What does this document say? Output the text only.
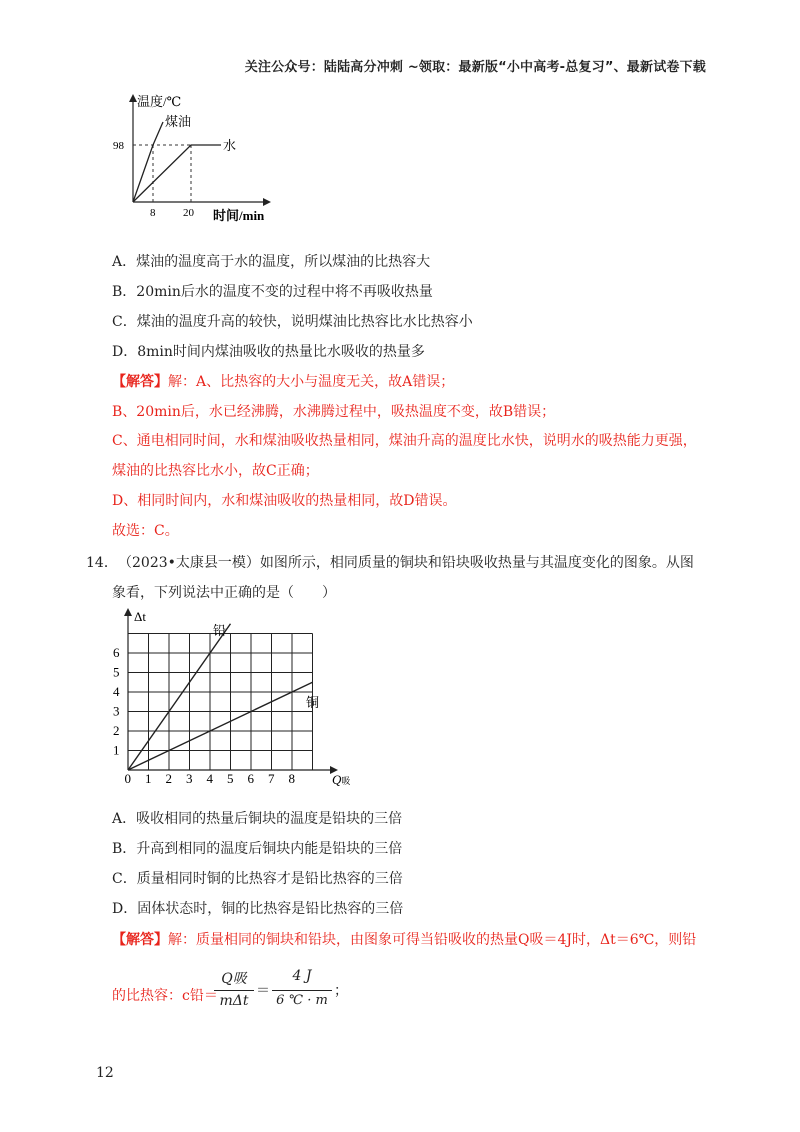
关注公众号：陆陆高分冲刺 ~领取：最新版“小中高考-总复习”、最新试卷下载
温度/℃
时间/min
煤油
水
98
8	20
A．煤油的温度高于水的温度，所以煤油的比热容大
B．20min后水的温度不变的过程中将不再吸收热量
C．煤油的温度升高的较快，说明煤油比热容比水比热容小
D．8min时间内煤油吸收的热量比水吸收的热量多
【解答】解：A、比热容的大小与温度无关，故A错误；
B、20min后，水已经沸腾，水沸腾过程中，吸热温度不变，故B错误；
C、通电相同时间，水和煤油吸收热量相同，煤油升高的温度比水快，说明水的吸热能力更强，
煤油的比热容比水小，故C正确；
D、相同时间内，水和煤油吸收的热量相同，故D错误。
故选：C。
14． （2023•太康县一模）如图所示，相同质量的铜块和铅块吸收热量与其温度变化的图象。从图
象看，下列说法中正确的是（　　）
Δt
Q吸
0 1 2 3 4 5 6 7 8
1
2
3
4
5
6
铅
铜
A．吸收相同的热量后铜块的温度是铅块的三倍
B．升高到相同的温度后铜块内能是铅块的三倍
C．质量相同时铜的比热容才是铅比热容的三倍
D．固体状态时，铜的比热容是铅比热容的三倍
【解答】解：质量相同的铜块和铅块，由图象可得当铅吸收的热量Q吸＝4J时，Δt＝6℃，则铅
的比热容：c铅＝
Q吸
mΔt
＝
4 J
6 ℃ · m
；
12
